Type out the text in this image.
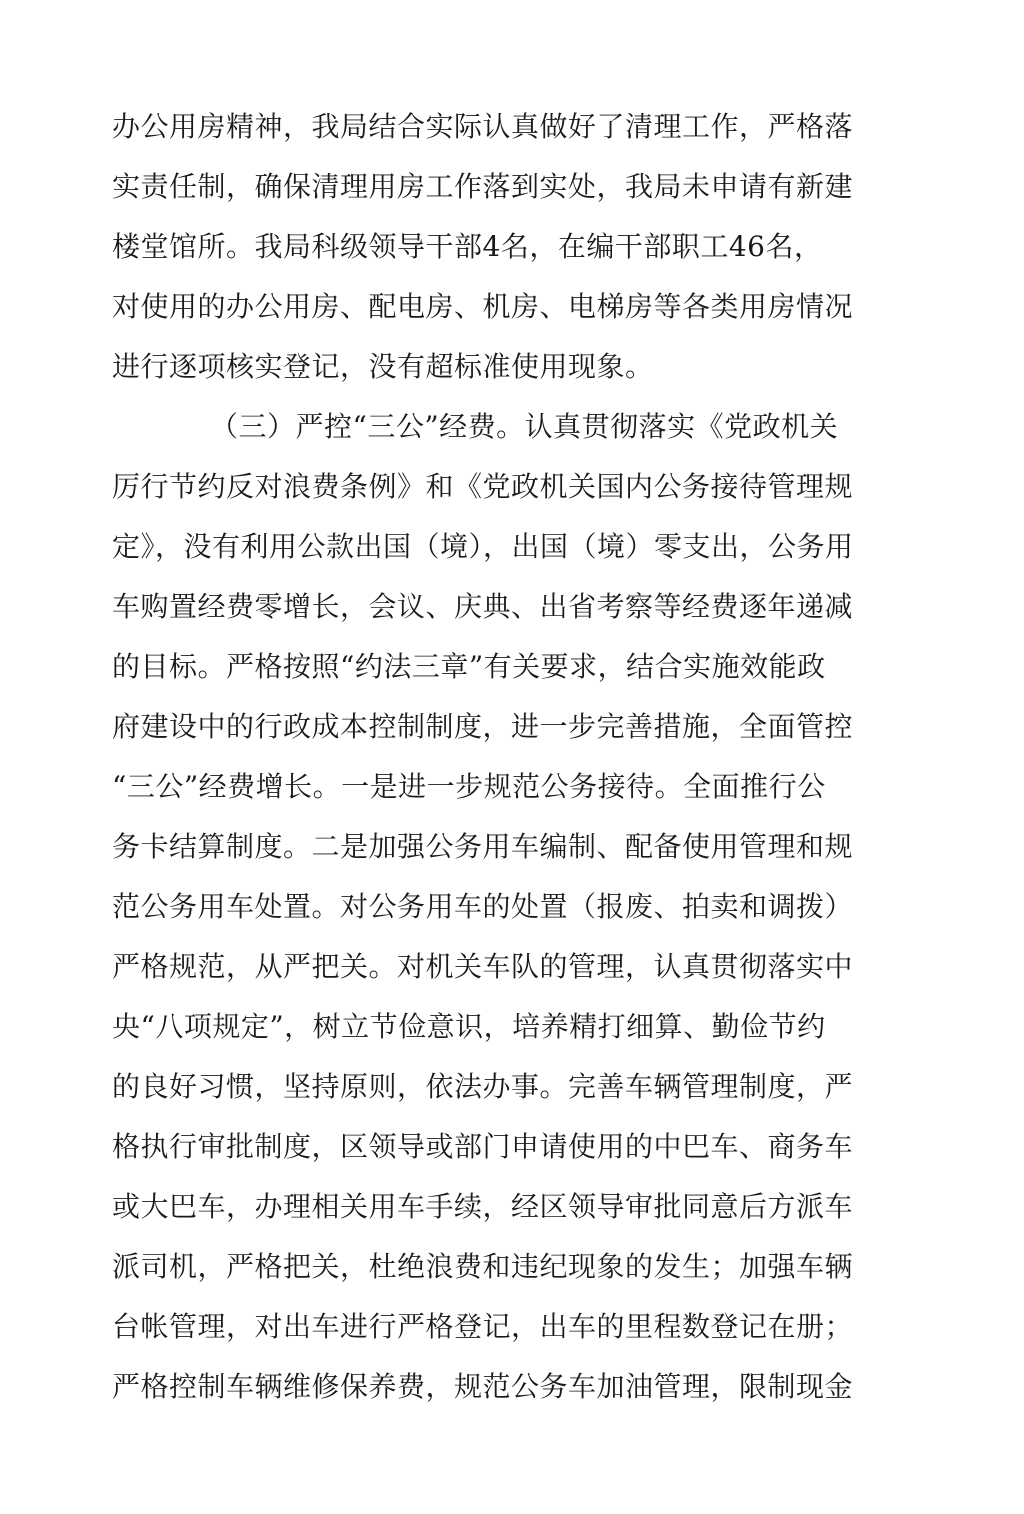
办公用房精神，我局结合实际认真做好了清理工作，严格落
实责任制，确保清理用房工作落到实处，我局未申请有新建
楼堂馆所。我局科级领导干部4名，在编干部职工46名，
对使用的办公用房、配电房、机房、电梯房等各类用房情况
进行逐项核实登记，没有超标准使用现象。
（三）严控“三公”经费。认真贯彻落实《党政机关
厉行节约反对浪费条例》和《党政机关国内公务接待管理规
定》，没有利用公款出国（境），出国（境）零支出，公务用
车购置经费零增长，会议、庆典、出省考察等经费逐年递减
的目标。严格按照“约法三章”有关要求，结合实施效能政
府建设中的行政成本控制制度，进一步完善措施，全面管控
“三公”经费增长。一是进一步规范公务接待。全面推行公
务卡结算制度。二是加强公务用车编制、配备使用管理和规
范公务用车处置。对公务用车的处置（报废、拍卖和调拨）
严格规范，从严把关。对机关车队的管理，认真贯彻落实中
央“八项规定”，树立节俭意识，培养精打细算、勤俭节约
的良好习惯，坚持原则，依法办事。完善车辆管理制度，严
格执行审批制度，区领导或部门申请使用的中巴车、商务车
或大巴车，办理相关用车手续，经区领导审批同意后方派车
派司机，严格把关，杜绝浪费和违纪现象的发生；加强车辆
台帐管理，对出车进行严格登记，出车的里程数登记在册；
严格控制车辆维修保养费，规范公务车加油管理，限制现金
